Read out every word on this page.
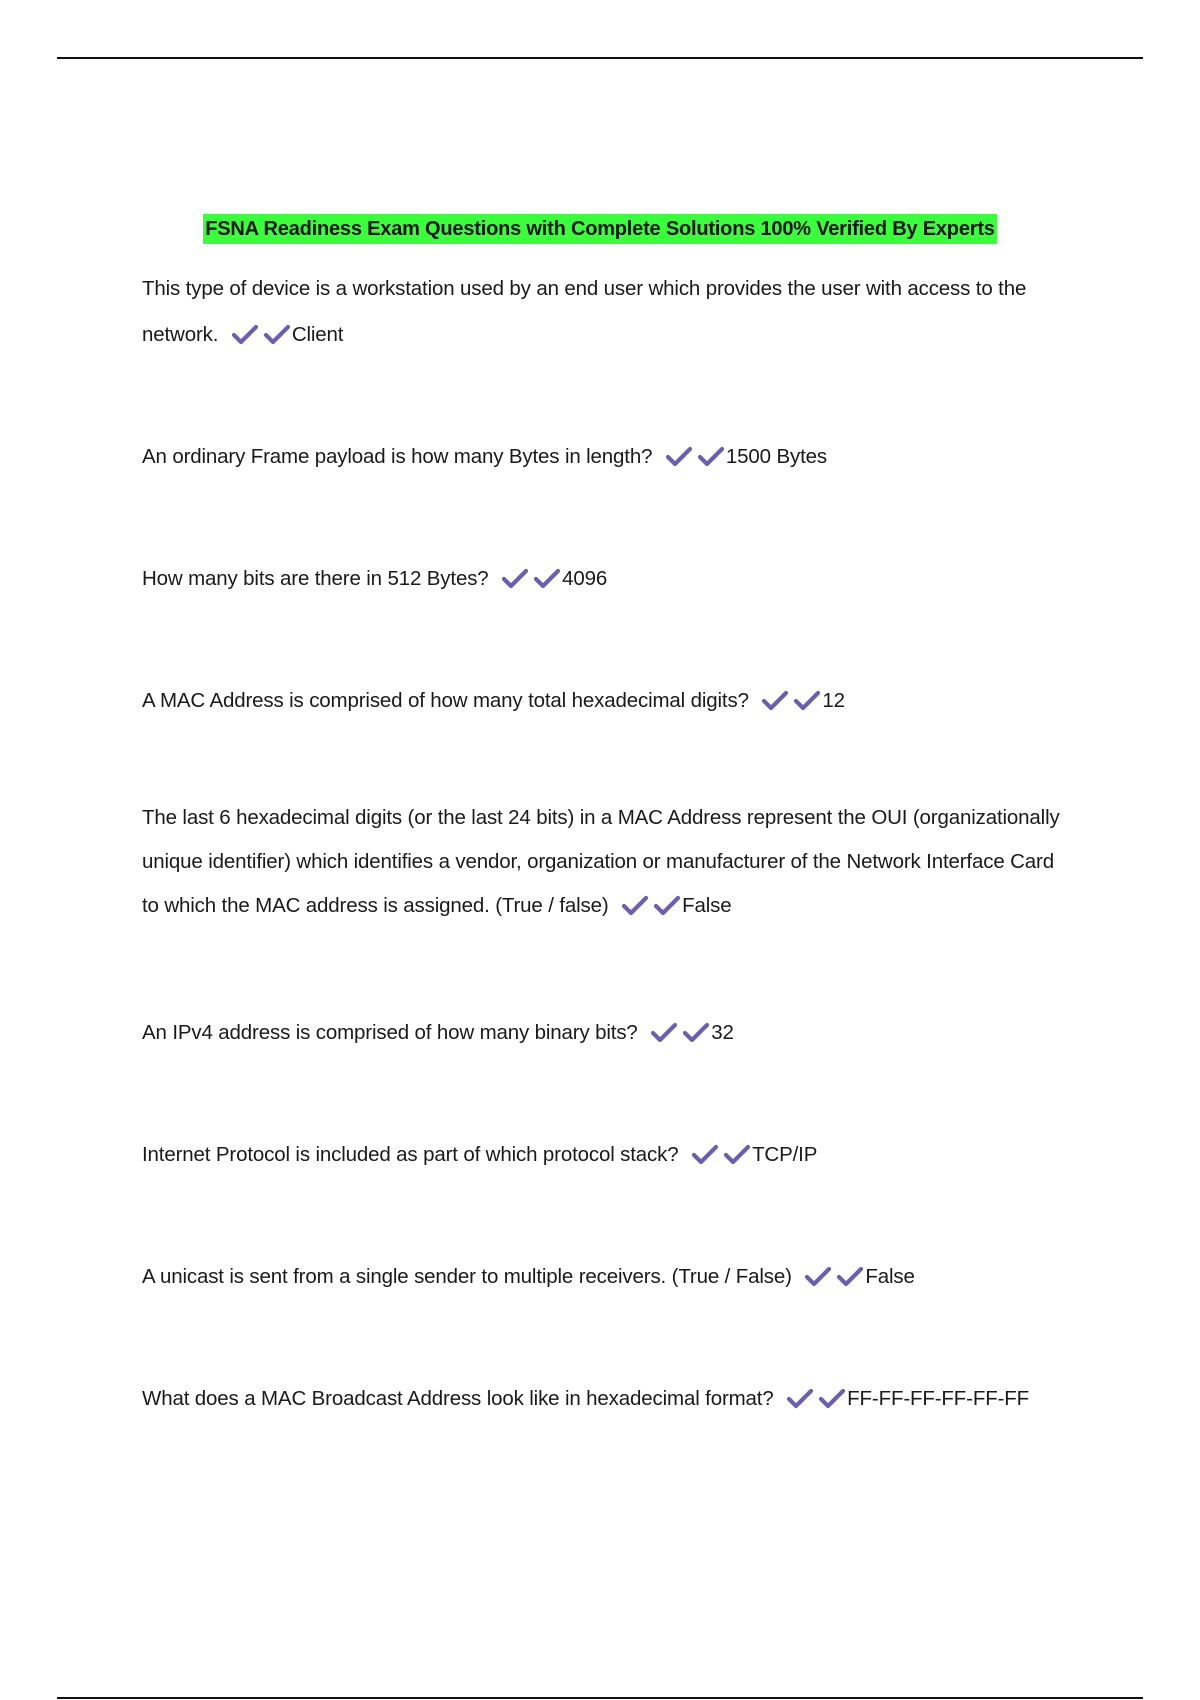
FSNA Readiness Exam Questions with Complete Solutions 100% Verified By Experts
This type of device is a workstation used by an end user which provides the user with access to the network.	Client
An ordinary Frame payload is how many Bytes in length?	1500 Bytes
How many bits are there in 512 Bytes?	4096
A MAC Address is comprised of how many total hexadecimal digits?	12
The last 6 hexadecimal digits (or the last 24 bits) in a MAC Address represent the OUI (organizationally unique identifier) which identifies a vendor, organization or manufacturer of the Network Interface Card to which the MAC address is assigned. (True / false)	False
An IPv4 address is comprised of how many binary bits?	32
Internet Protocol is included as part of which protocol stack?	TCP/IP
A unicast is sent from a single sender to multiple receivers. (True / False)	False
What does a MAC Broadcast Address look like in hexadecimal format?	FF-FF-FF-FF-FF-FF
